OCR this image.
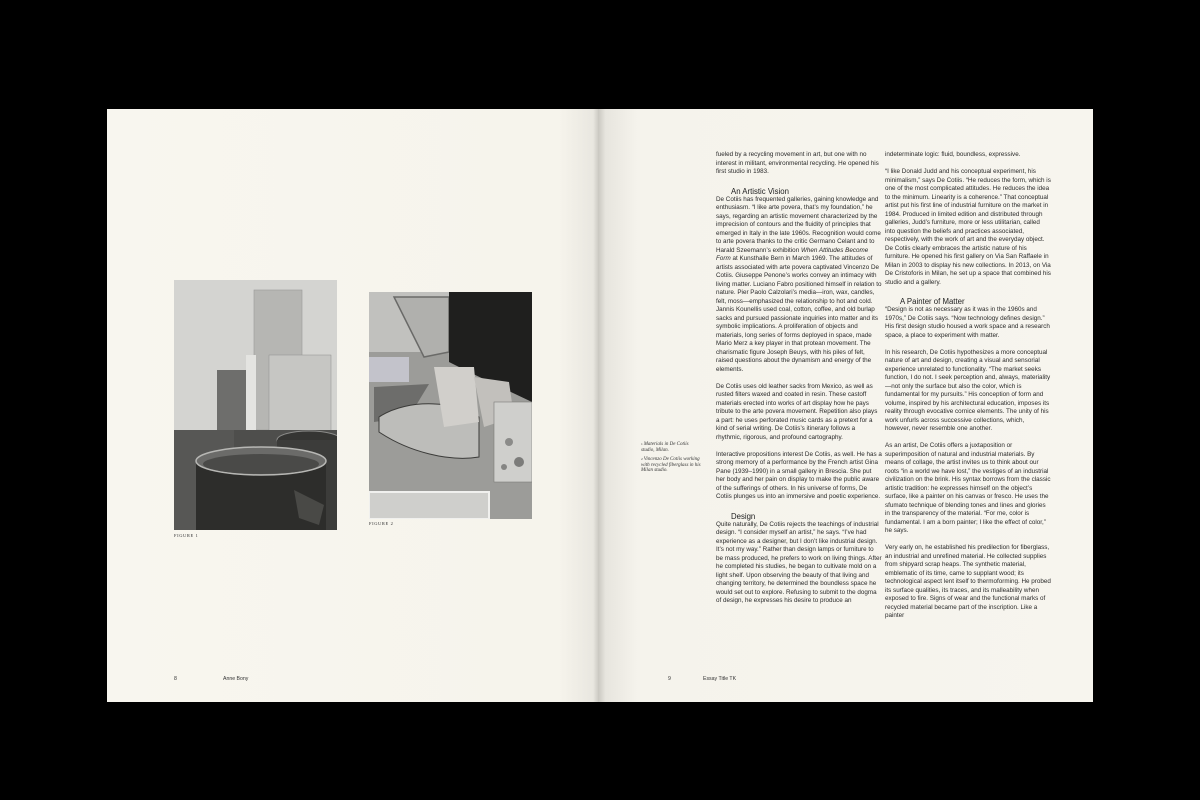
FIGURE 1
FIGURE 2
8	Anne Bony

$^1$Materials in De Cotiis studio, Milan.

$^2$Vincenzo De Cotiis working with recycled fiberglass in his Milan studio.

fueled by a recycling movement in art, but one with no interest in militant, environmental recycling. He opened his first studio in 1983.

An Artistic Vision

De Cotiis has frequented galleries, gaining knowledge and enthusiasm. “I like arte povera, that’s my foundation,” he says, regarding an artistic movement characterized by the imprecision of contours and the fluidity of principles that emerged in Italy in the late 1960s. Recognition would come to arte povera thanks to the critic Germano Celant and to Harald Szeemann’s exhibition When Attitudes Become Form at Kunsthalle Bern in March 1969. The attitudes of artists associated with arte povera captivated Vincenzo De Cotiis. Giuseppe Penone’s works convey an intimacy with living matter. Luciano Fabro positioned himself in relation to nature. Pier Paolo Calzolari’s media—iron, wax, candles, felt, moss—emphasized the relationship to hot and cold. Jannis Kounellis used coal, cotton, coffee, and old burlap sacks and pursued passionate inquiries into matter and its symbolic implications. A proliferation of objects and materials, long series of forms deployed in space, made Mario Merz a key player in that protean movement. The charismatic figure Joseph Beuys, with his piles of felt, raised questions about the dynamism and energy of the elements.

De Cotiis uses old leather sacks from Mexico, as well as rusted filters waxed and coated in resin. These castoff materials erected into works of art display how he pays tribute to the arte povera movement. Repetition also plays a part: he uses perforated music cards as a pretext for a kind of serial writing. De Cotiis’s itinerary follows a rhythmic, rigorous, and profound cartography.

Interactive propositions interest De Cotiis, as well. He has a strong memory of a performance by the French artist Gina Pane (1939–1990) in a small gallery in Brescia. She put her body and her pain on display to make the public aware of the sufferings of others. In his universe of forms, De Cotiis plunges us into an immersive and poetic experience.

Design

Quite naturally, De Cotiis rejects the teachings of industrial design. “I consider myself an artist,” he says. “I’ve had experience as a designer, but I don’t like industrial design. It’s not my way.” Rather than design lamps or furniture to be mass produced, he prefers to work on living things. After he completed his studies, he began to cultivate mold on a light shelf. Upon observing the beauty of that living and changing territory, he determined the boundless space he would set out to explore. Refusing to submit to the dogma of design, he expresses his desire to produce an

indeterminate logic: fluid, boundless, expressive.

“I like Donald Judd and his conceptual experiment, his minimalism,” says De Cotiis. “He reduces the form, which is one of the most complicated attitudes. He reduces the idea to the minimum. Linearity is a coherence.” That conceptual artist put his first line of industrial furniture on the market in 1984. Produced in limited edition and distributed through galleries, Judd’s furniture, more or less utilitarian, called into question the beliefs and practices associated, respectively, with the work of art and the everyday object. De Cotiis clearly embraces the artistic nature of his furniture. He opened his first gallery on Via San Raffaele in Milan in 2003 to display his new collections. In 2013, on Via De Cristoforis in Milan, he set up a space that combined his studio and a gallery.

A Painter of Matter

“Design is not as necessary as it was in the 1960s and 1970s,” De Cotiis says. “Now technology defines design.” His first design studio housed a work space and a research space, a place to experiment with matter.

In his research, De Cotiis hypothesizes a more conceptual nature of art and design, creating a visual and sensorial experience unrelated to functionality. “The market seeks function, I do not. I seek perception and, always, materiality—not only the surface but also the color, which is fundamental for my pursuits.” His conception of form and volume, inspired by his architectural education, imposes its reality through evocative cornice elements. The unity of his work unfurls across successive collections, which, however, never resemble one another.

As an artist, De Cotiis offers a juxtaposition or superimposition of natural and industrial materials. By means of collage, the artist invites us to think about our roots “in a world we have lost,” the vestiges of an industrial civilization on the brink. His syntax borrows from the classic artistic tradition: he expresses himself on the object’s surface, like a painter on his canvas or fresco. He uses the sfumato technique of blending tones and lines and glories in the transparency of the material. “For me, color is fundamental. I am a born painter; I like the effect of color,” he says.

Very early on, he established his predilection for fiberglass, an industrial and unrefined material. He collected supplies from shipyard scrap heaps. The synthetic material, emblematic of its time, came to supplant wood; its technological aspect lent itself to thermoforming. He probed its surface qualities, its traces, and its malleability when exposed to fire. Signs of wear and the functional marks of recycled material became part of the inscription. Like a painter

9	Essay Title TK
